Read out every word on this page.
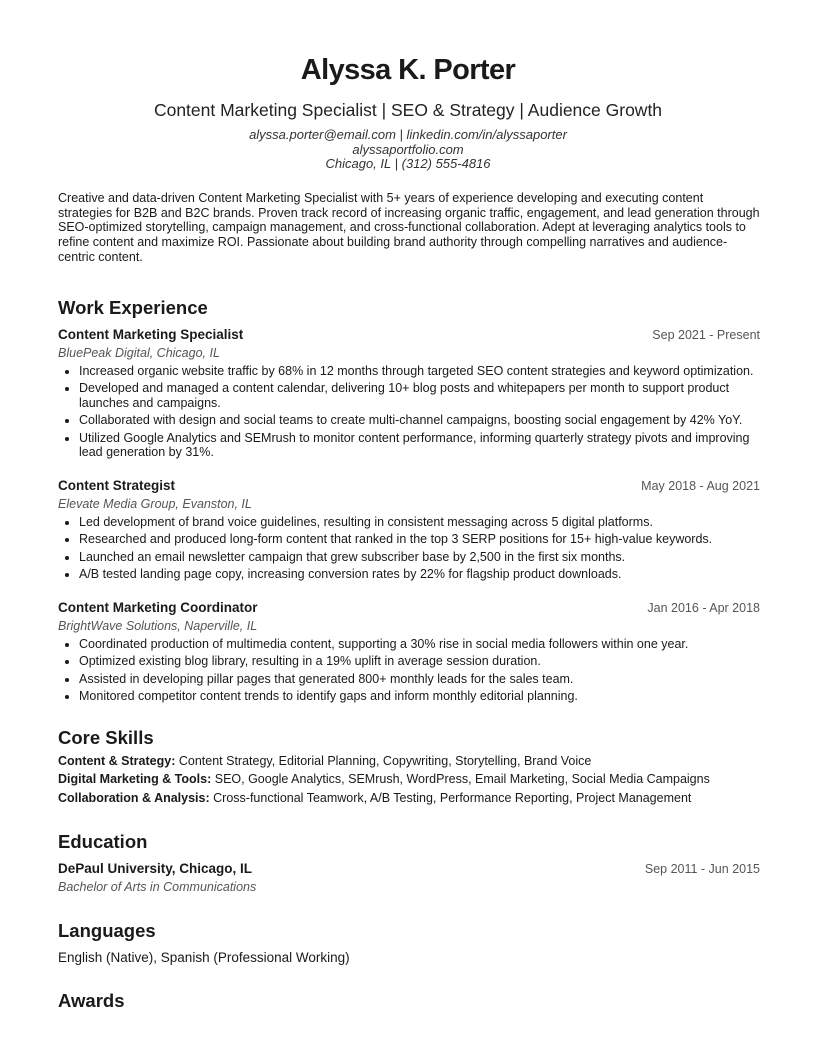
Alyssa K. Porter
Content Marketing Specialist | SEO & Strategy | Audience Growth
alyssa.porter@email.com | linkedin.com/in/alyssaporter
alyssaportfolio.com
Chicago, IL | (312) 555-4816

Creative and data-driven Content Marketing Specialist with 5+ years of experience developing and executing content strategies for B2B and B2C brands. Proven track record of increasing organic traffic, engagement, and lead generation through SEO-optimized storytelling, campaign management, and cross-functional collaboration. Adept at leveraging analytics tools to refine content and maximize ROI. Passionate about building brand authority through compelling narratives and audience-centric content.

Work Experience
Content Marketing Specialist	Sep 2021 - Present
BluePeak Digital, Chicago, IL
• Increased organic website traffic by 68% in 12 months through targeted SEO content strategies and keyword optimization.
• Developed and managed a content calendar, delivering 10+ blog posts and whitepapers per month to support product launches and campaigns.
• Collaborated with design and social teams to create multi-channel campaigns, boosting social engagement by 42% YoY.
• Utilized Google Analytics and SEMrush to monitor content performance, informing quarterly strategy pivots and improving lead generation by 31%.
Content Strategist	May 2018 - Aug 2021
Elevate Media Group, Evanston, IL
• Led development of brand voice guidelines, resulting in consistent messaging across 5 digital platforms.
• Researched and produced long-form content that ranked in the top 3 SERP positions for 15+ high-value keywords.
• Launched an email newsletter campaign that grew subscriber base by 2,500 in the first six months.
• A/B tested landing page copy, increasing conversion rates by 22% for flagship product downloads.
Content Marketing Coordinator	Jan 2016 - Apr 2018
BrightWave Solutions, Naperville, IL
• Coordinated production of multimedia content, supporting a 30% rise in social media followers within one year.
• Optimized existing blog library, resulting in a 19% uplift in average session duration.
• Assisted in developing pillar pages that generated 800+ monthly leads for the sales team.
• Monitored competitor content trends to identify gaps and inform monthly editorial planning.
Core Skills
Content & Strategy: Content Strategy, Editorial Planning, Copywriting, Storytelling, Brand Voice
Digital Marketing & Tools: SEO, Google Analytics, SEMrush, WordPress, Email Marketing, Social Media Campaigns
Collaboration & Analysis: Cross-functional Teamwork, A/B Testing, Performance Reporting, Project Management
Education
DePaul University, Chicago, IL	Sep 2011 - Jun 2015
Bachelor of Arts in Communications
Languages
English (Native), Spanish (Professional Working)
Awards
